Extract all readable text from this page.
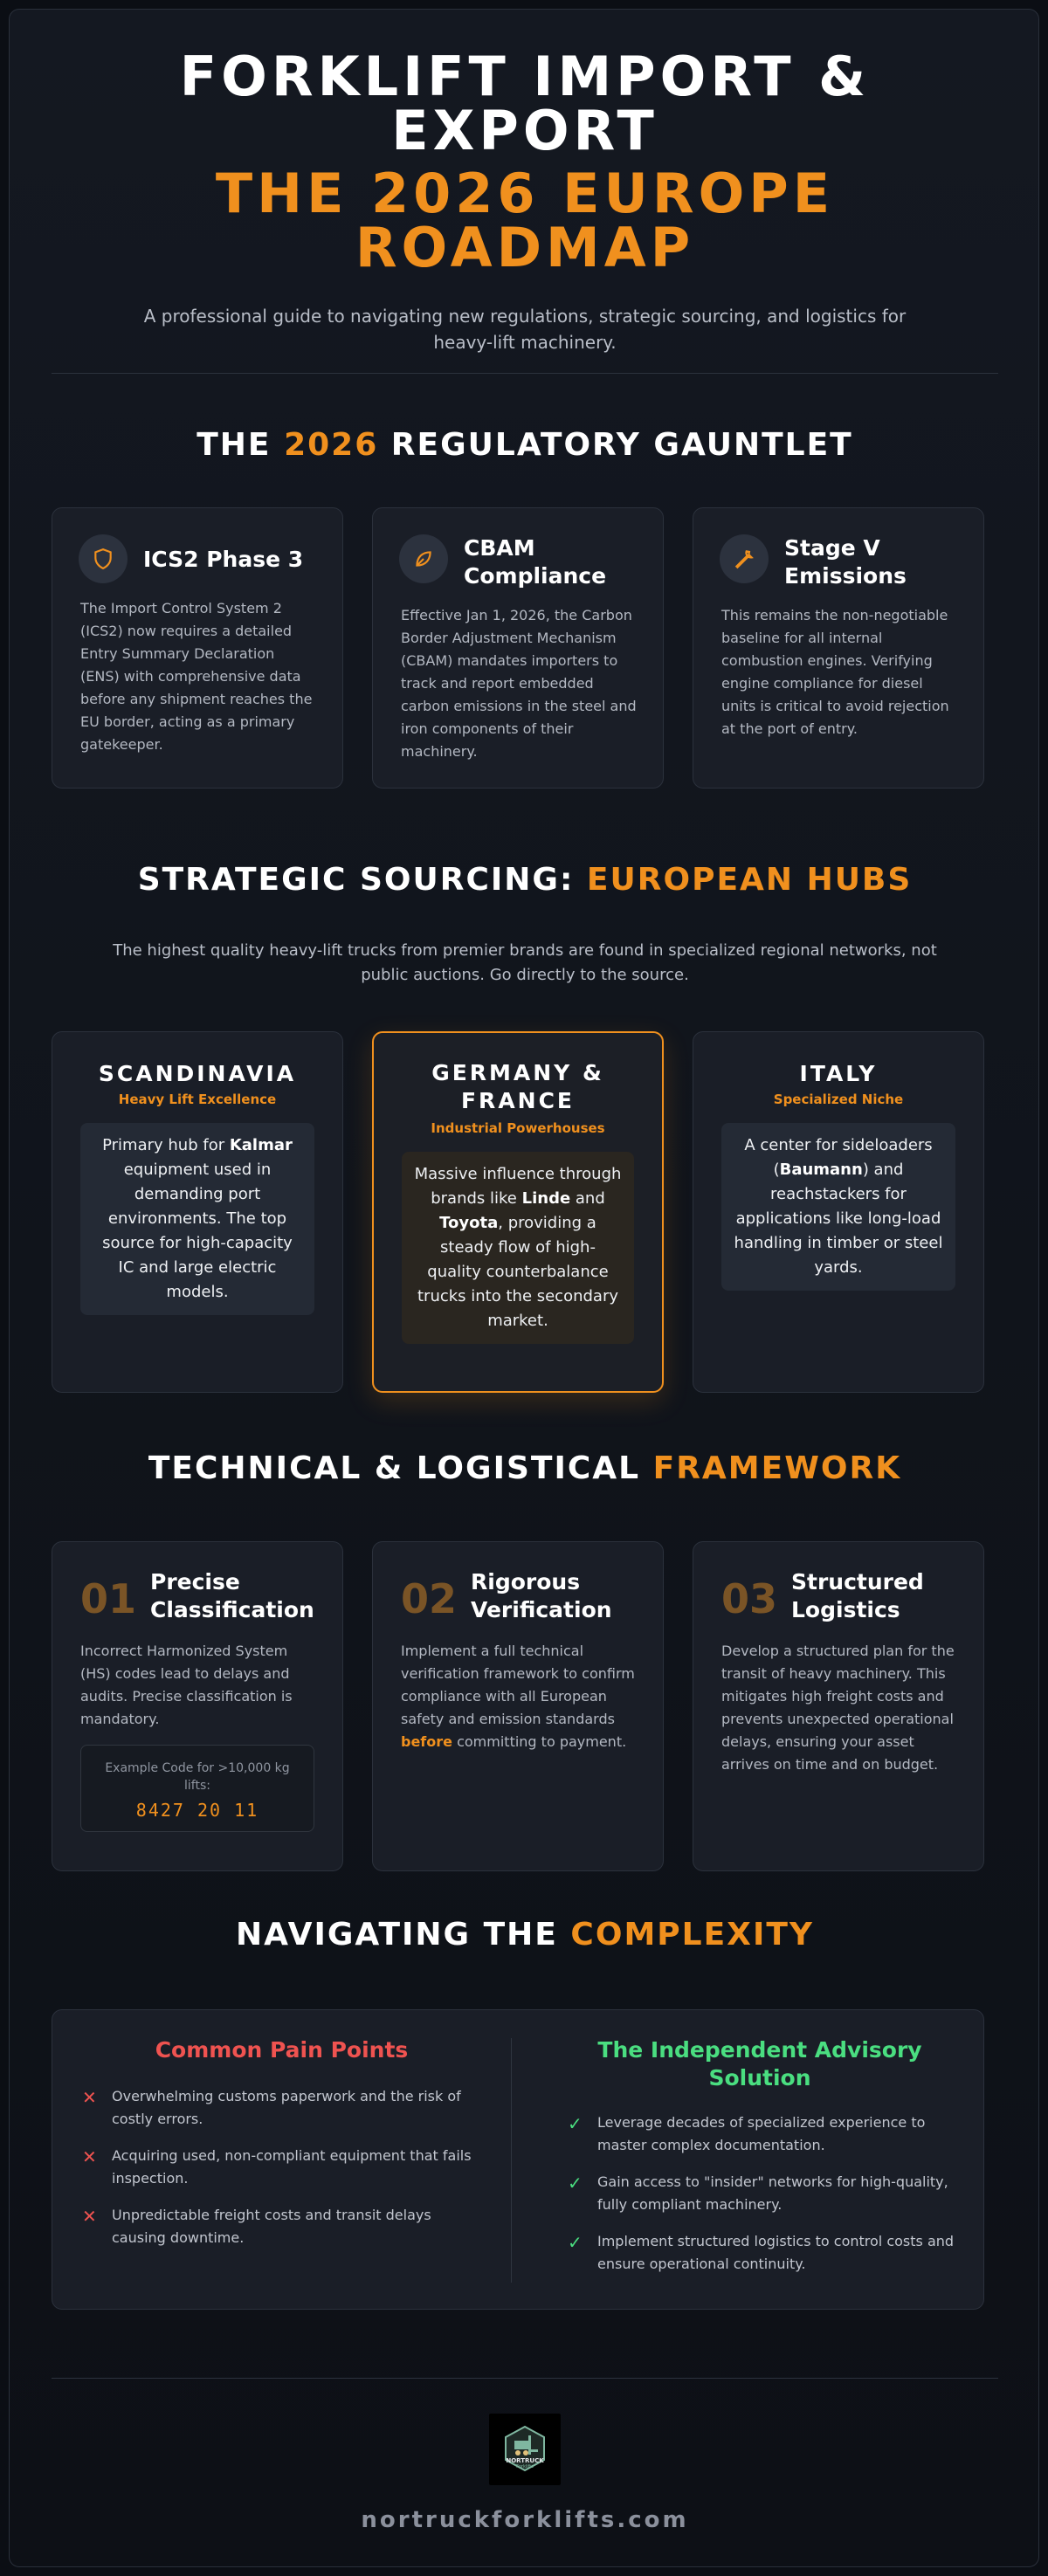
FORKLIFT IMPORT &
EXPORT
THE 2026 EUROPE
ROADMAP

A professional guide to navigating new regulations, strategic sourcing, and logistics for heavy-lift machinery.

THE 2026 REGULATORY GAUNTLET
ICS2 Phase 3
The Import Control System 2 (ICS2) now requires a detailed Entry Summary Declaration (ENS) with comprehensive data before any shipment reaches the EU border, acting as a primary gatekeeper.
CBAM Compliance
Effective Jan 1, 2026, the Carbon Border Adjustment Mechanism (CBAM) mandates importers to track and report embedded carbon emissions in the steel and iron components of their machinery.
Stage V Emissions
This remains the non-negotiable baseline for all internal combustion engines. Verifying engine compliance for diesel units is critical to avoid rejection at the port of entry.
STRATEGIC SOURCING: EUROPEAN HUBS

The highest quality heavy-lift trucks from premier brands are found in specialized regional networks, not public auctions. Go directly to the source.

SCANDINAVIA
Heavy Lift Excellence
Primary hub for Kalmar equipment used in demanding port environments. The top source for high-capacity IC and large electric models.
GERMANY & FRANCE
Industrial Powerhouses
Massive influence through brands like Linde and Toyota, providing a steady flow of high-quality counterbalance trucks into the secondary market.
ITALY
Specialized Niche
A center for sideloaders (Baumann) and reachstackers for applications like long-load handling in timber or steel yards.
TECHNICAL & LOGISTICAL FRAMEWORK
01 Precise Classification
Incorrect Harmonized System (HS) codes lead to delays and audits. Precise classification is mandatory.
Example Code for >10,000 kg lifts:
8427 20 11
02 Rigorous Verification
Implement a full technical verification framework to confirm compliance with all European safety and emission standards before committing to payment.
03 Structured Logistics
Develop a structured plan for the transit of heavy machinery. This mitigates high freight costs and prevents unexpected operational delays, ensuring your asset arrives on time and on budget.
NAVIGATING THE COMPLEXITY
Common Pain Points
✕ Overwhelming customs paperwork and the risk of costly errors.
✕ Acquiring used, non-compliant equipment that fails inspection.
✕ Unpredictable freight costs and transit delays causing downtime.
The Independent Advisory Solution
✓ Leverage decades of specialized experience to master complex documentation.
✓ Gain access to "insider" networks for high-quality, fully compliant machinery.
✓ Implement structured logistics to control costs and ensure operational continuity.
NORTRUCK
Forklifts
nortruckforklifts.com
